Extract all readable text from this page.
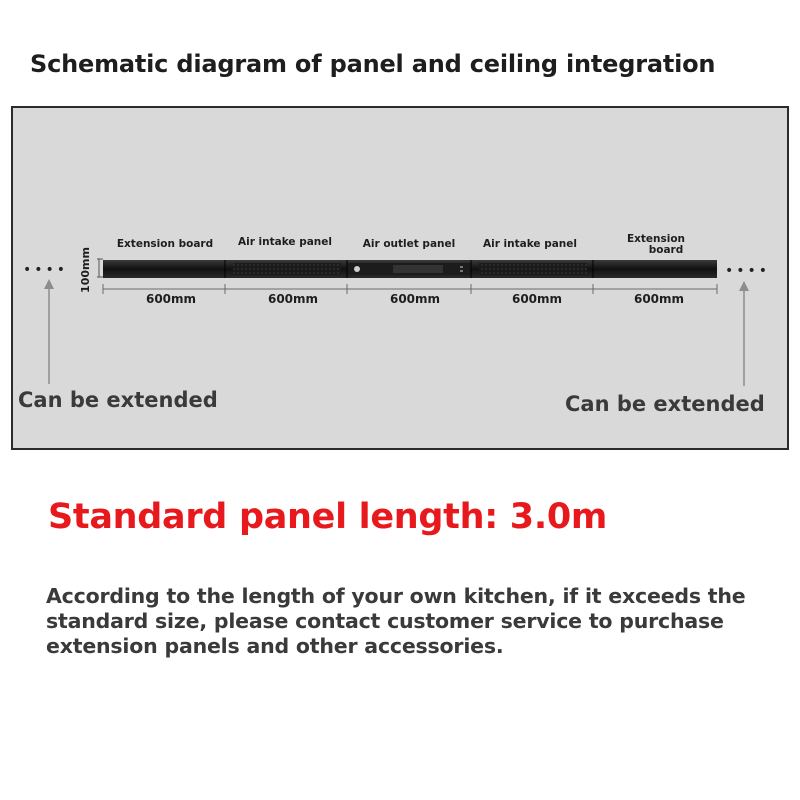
Schematic diagram of panel and ceiling integration
Extension board Air intake panel	Air outlet panel	Air intake panel	Extension
board
100mm
600mm	600mm	600mm	600mm	600mm
••••	••••
Can be extended	Can be extended
Standard panel length: 3.0m
According to the length of your own kitchen, if it exceeds the standard size, please contact customer service to purchase extension panels and other accessories.
